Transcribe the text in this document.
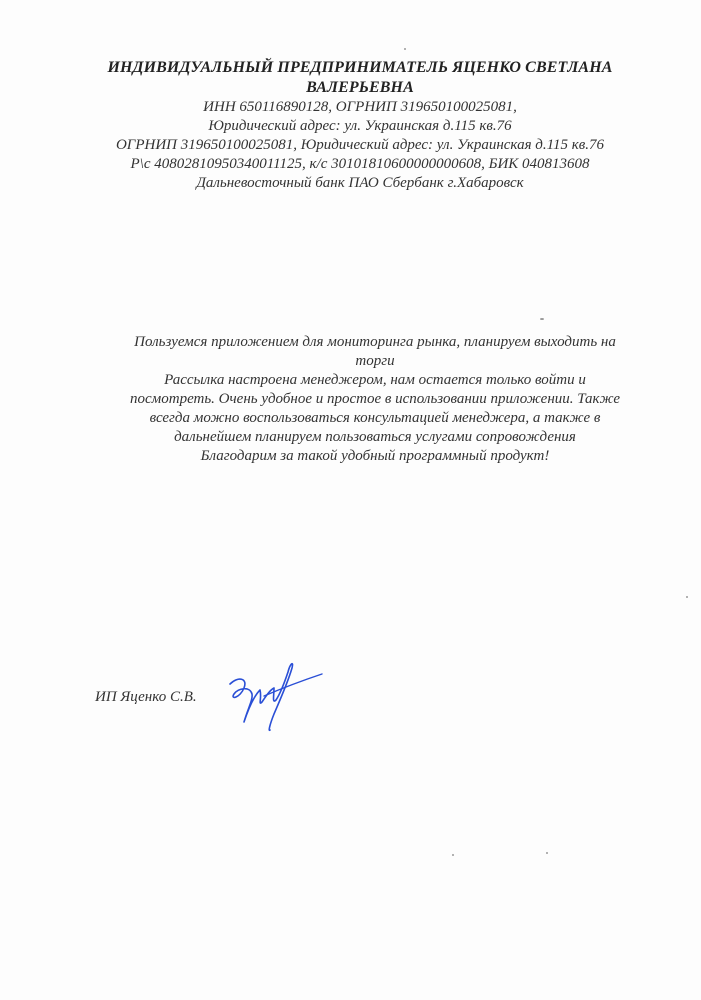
ИНДИВИДУАЛЬНЫЙ ПРЕДПРИНИМАТЕЛЬ ЯЦЕНКО СВЕТЛАНА
ВАЛЕРЬЕВНА
ИНН 650116890128, ОГРНИП 319650100025081,
Юридический адрес: ул. Украинская д.115 кв.76
ОГРНИП 319650100025081, Юридический адрес: ул. Украинская д.115 кв.76
Р\с 40802810950340011125, к/с 30101810600000000608, БИК 040813608
Дальневосточный банк ПАО Сбербанк г.Хабаровск
Пользуемся приложением для мониторинга рынка, планируем выходить на
торги
Рассылка настроена менеджером, нам остается только войти и
посмотреть. Очень удобное и простое в использовании приложении. Также
всегда можно воспользоваться консультацией менеджера, а также в
дальнейшем планируем пользоваться услугами сопровождения
Благодарим за такой удобный программный продукт!
ИП Яценко С.В.
